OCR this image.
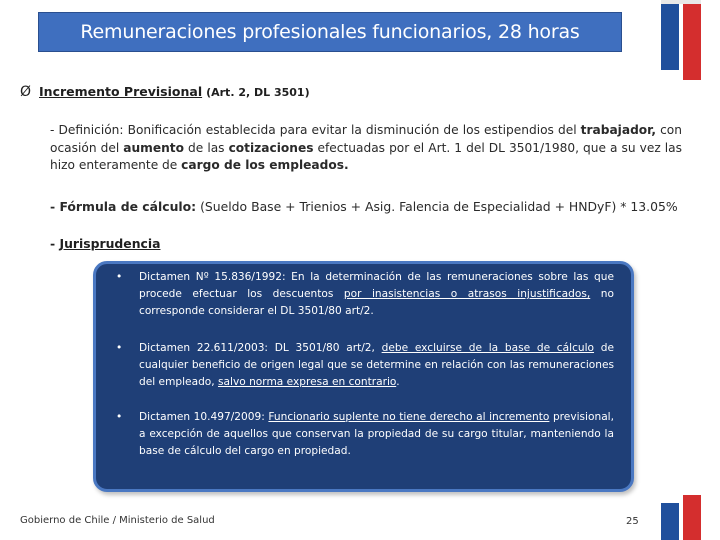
Remuneraciones profesionales funcionarios, 28 horas
Ø Incremento Previsional (Art. 2, DL 3501)
- Definición: Bonificación establecida para evitar la disminución de los estipendios del trabajador, con ocasión del aumento de las cotizaciones efectuadas por el Art. 1 del DL 3501/1980, que a su vez las hizo enteramente de cargo de los empleados.
- Fórmula de cálculo: (Sueldo Base + Trienios + Asig. Falencia de Especialidad + HNDyF) * 13.05%
- Jurisprudencia
•	Dictamen Nº 15.836/1992: En la determinación de las remuneraciones sobre las que procede efectuar los descuentos por inasistencias o atrasos injustificados, no corresponde considerar el DL 3501/80 art/2.
•	Dictamen 22.611/2003: DL 3501/80 art/2, debe excluirse de la base de cálculo de cualquier beneficio de origen legal que se determine en relación con las remuneraciones del empleado, salvo norma expresa en contrario.
•	Dictamen 10.497/2009: Funcionario suplente no tiene derecho al incremento previsional, a excepción de aquellos que conservan la propiedad de su cargo titular, manteniendo la base de cálculo del cargo en propiedad.
Gobierno de Chile / Ministerio de Salud	25
